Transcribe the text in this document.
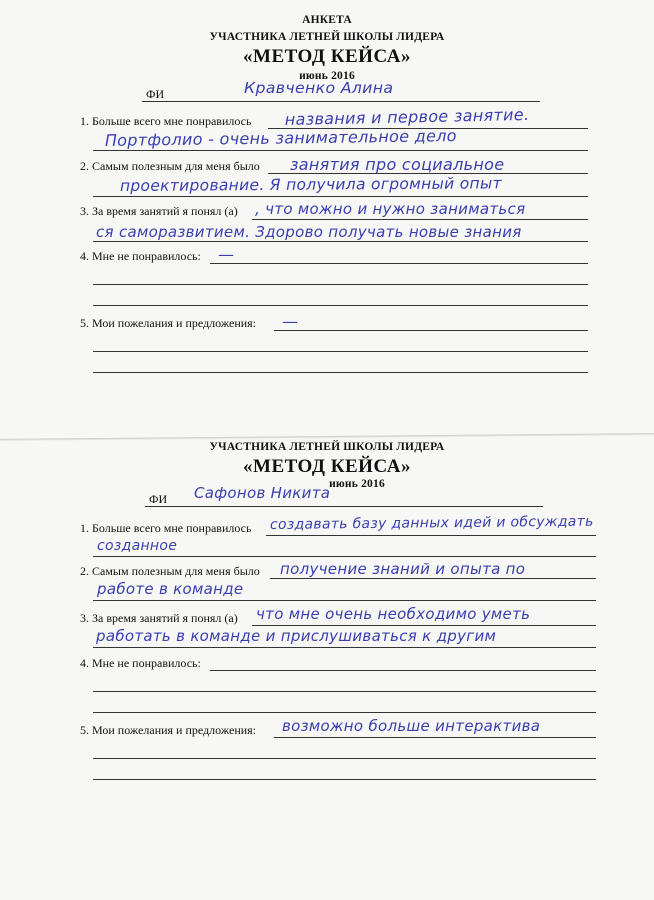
АНКЕТА
УЧАСТНИКА ЛЕТНЕЙ ШКОЛЫ ЛИДЕРА
«МЕТОД КЕЙСА»
июнь 2016
ФИ	Кравченко Алина
1. Больше всего мне понравилось названия и первое занятие.
Портфолио - очень занимательное дело
2. Самым полезным для меня было занятия про социальное
проектирование. Я получила огромный опыт
3. За время занятий я понял (а) , что можно и нужно заниматься
ся саморазвитием. Здорово получать новые знания
4. Мне не понравилось: —
5. Мои пожелания и предложения: —
УЧАСТНИКА ЛЕТНЕЙ ШКОЛЫ ЛИДЕРА
«МЕТОД КЕЙСА»
июнь 2016
ФИ Сафонов Никита
1. Больше всего мне понравилось создавать базу данных идей и обсуждать
созданное
2. Самым полезным для меня было получение знаний и опыта по
работе в команде
3. За время занятий я понял (а) что мне очень необходимо уметь
работать в команде и прислушиваться к другим
4. Мне не понравилось:
5. Мои пожелания и предложения: возможно больше интерактива
